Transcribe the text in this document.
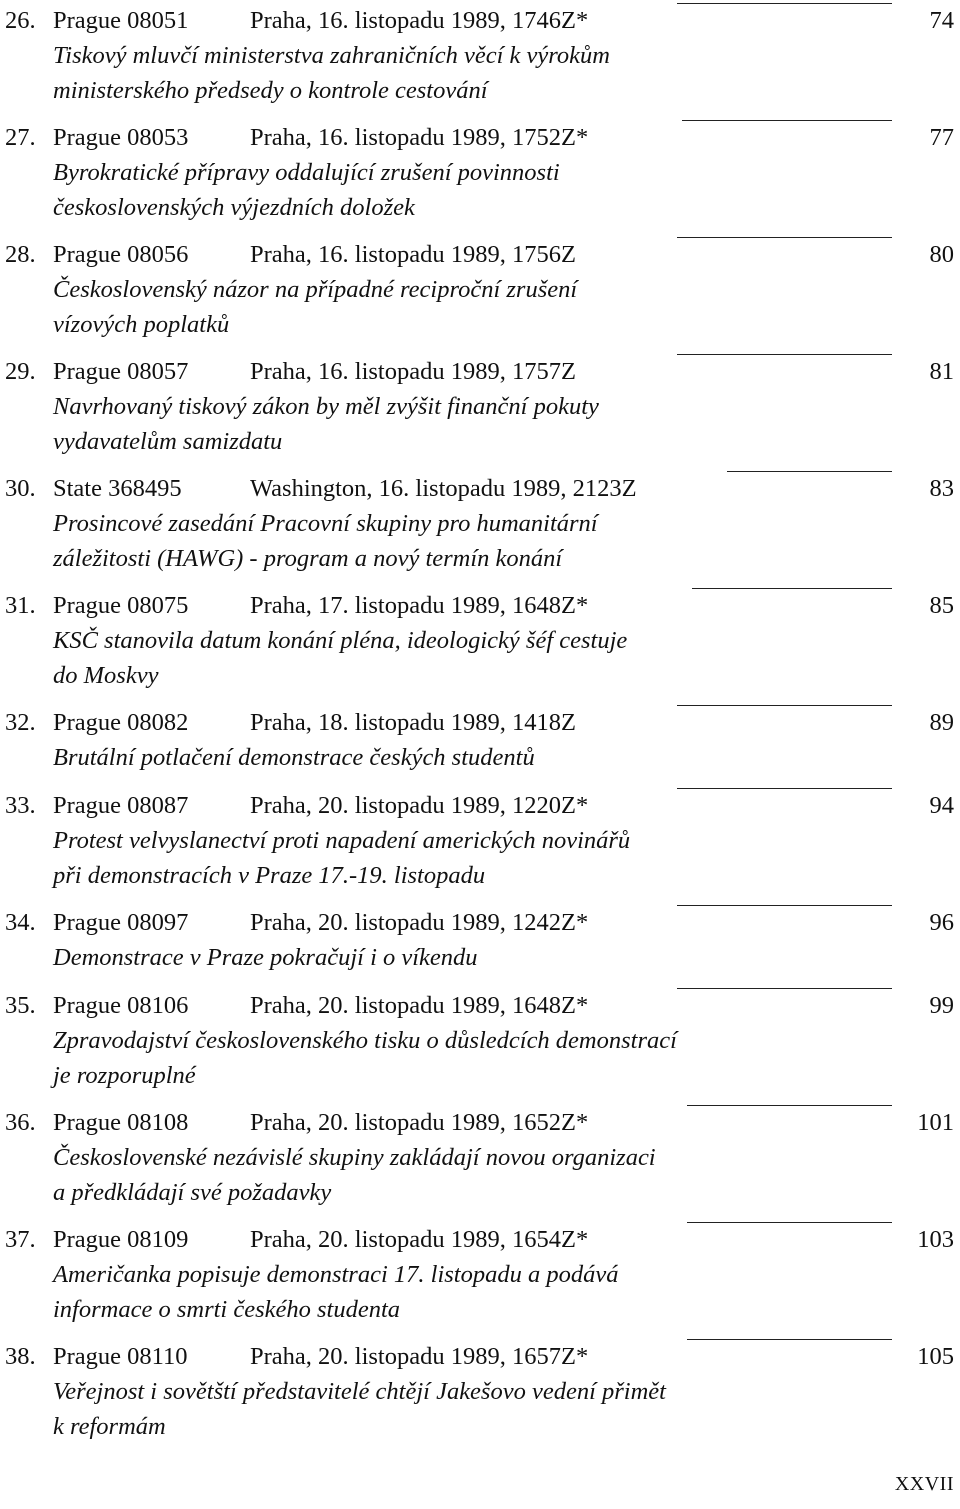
26. Prague 08051	Praha, 16. listopadu 1989, 1746Z*	74
Tiskový mluvčí ministerstva zahraničních věcí k výrokům
ministerského předsedy o kontrole cestování
27. Prague 08053	Praha, 16. listopadu 1989, 1752Z*	77
Byrokratické přípravy oddalující zrušení povinnosti
československých výjezdních doložek
28. Prague 08056	Praha, 16. listopadu 1989, 1756Z	80
Československý názor na případné reciproční zrušení
vízových poplatků
29. Prague 08057	Praha, 16. listopadu 1989, 1757Z	81
Navrhovaný tiskový zákon by měl zvýšit finanční pokuty
vydavatelům samizdatu
30. State 368495	Washington, 16. listopadu 1989, 2123Z	83
Prosincové zasedání Pracovní skupiny pro humanitární
záležitosti (HAWG) - program a nový termín konání
31. Prague 08075	Praha, 17. listopadu 1989, 1648Z*	85
KSČ stanovila datum konání pléna, ideologický šéf cestuje
do Moskvy
32. Prague 08082	Praha, 18. listopadu 1989, 1418Z	89
Brutální potlačení demonstrace českých studentů
33. Prague 08087	Praha, 20. listopadu 1989, 1220Z*	94
Protest velvyslanectví proti napadení amerických novinářů
při demonstracích v Praze 17.-19. listopadu
34. Prague 08097	Praha, 20. listopadu 1989, 1242Z*	96
Demonstrace v Praze pokračují i o víkendu
35. Prague 08106	Praha, 20. listopadu 1989, 1648Z*	99
Zpravodajství československého tisku o důsledcích demonstrací
je rozporuplné
36. Prague 08108	Praha, 20. listopadu 1989, 1652Z*	101
Československé nezávislé skupiny zakládají novou organizaci
a předkládají své požadavky
37. Prague 08109	Praha, 20. listopadu 1989, 1654Z*	103
Američanka popisuje demonstraci 17. listopadu a podává
informace o smrti českého studenta
38. Prague 08110	Praha, 20. listopadu 1989, 1657Z*	105
Veřejnost i sovětští představitelé chtějí Jakešovo vedení přimět
k reformám
XXVII
